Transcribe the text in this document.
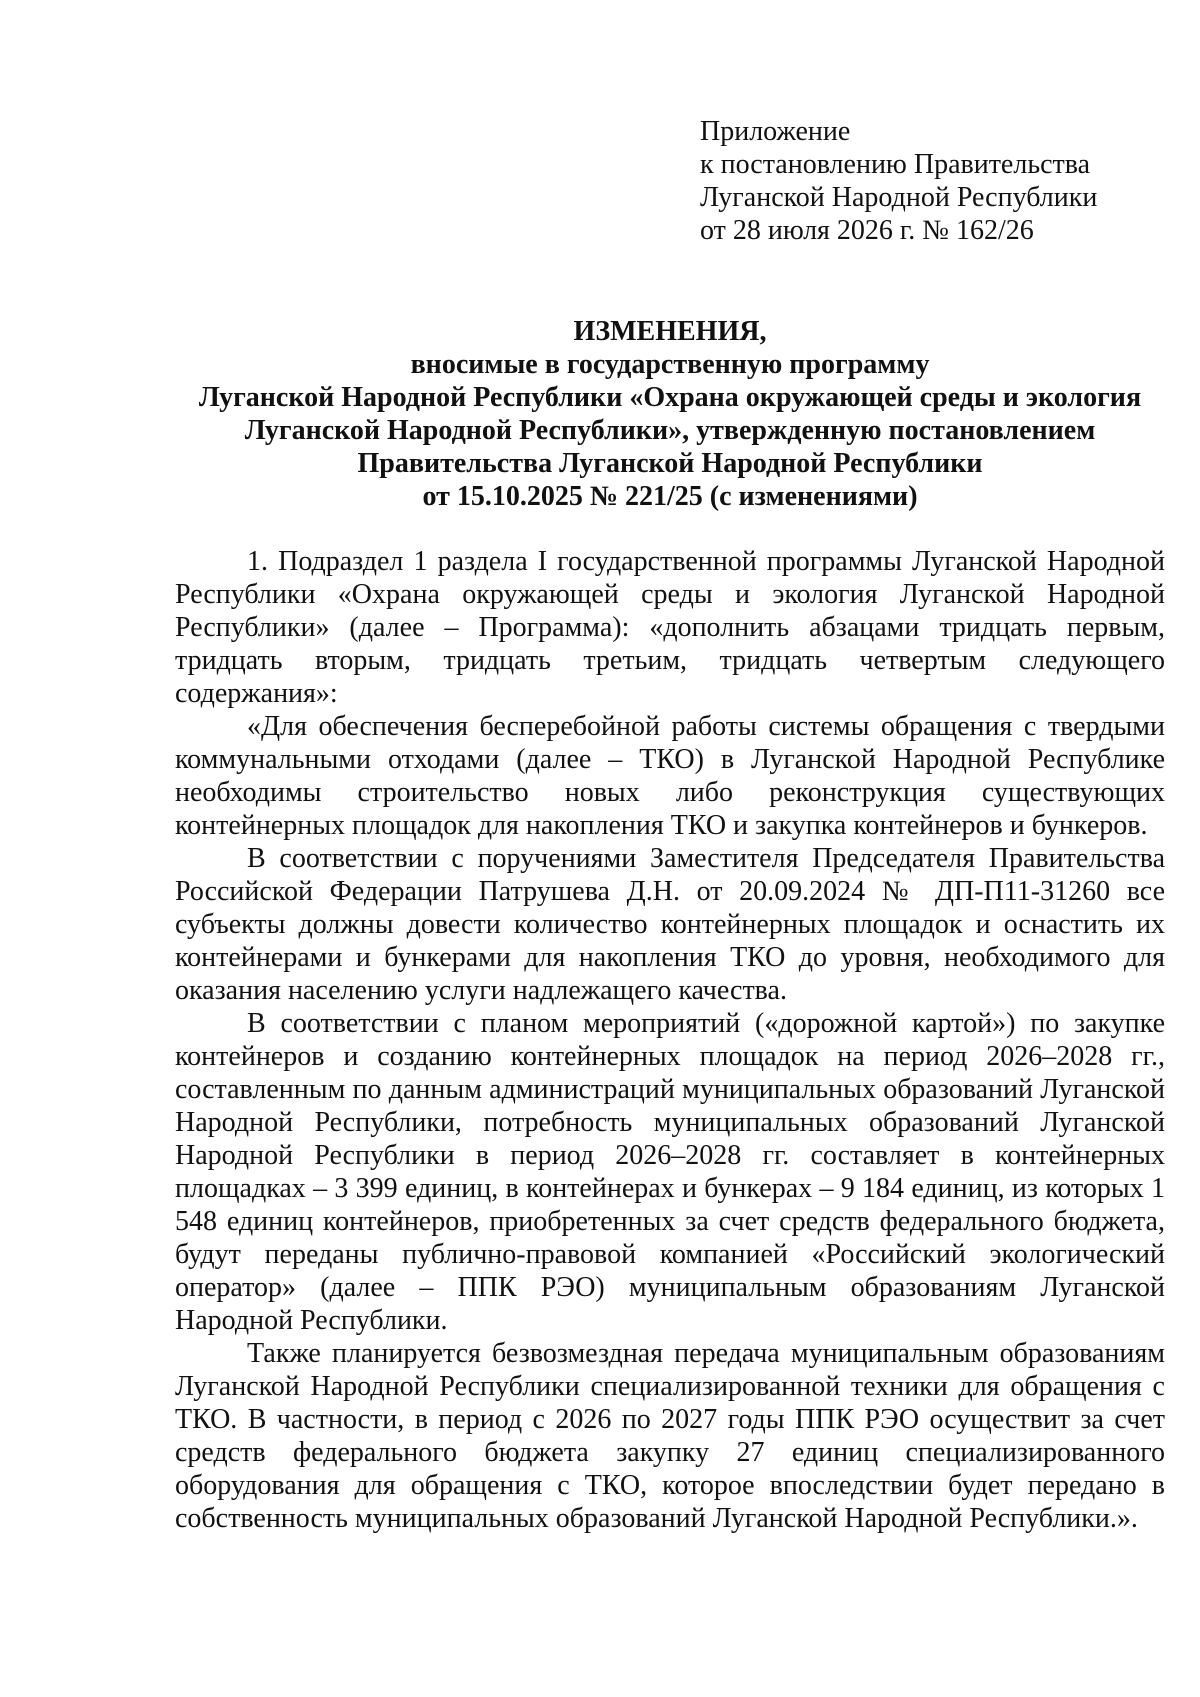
Приложение
к постановлению Правительства
Луганской Народной Республики
от 28 июля 2026 г. № 162/26
ИЗМЕНЕНИЯ,
вносимые в государственную программу
Луганской Народной Республики «Охрана окружающей среды и экология
Луганской Народной Республики», утвержденную постановлением
Правительства Луганской Народной Республики
от 15.10.2025 № 221/25 (с изменениями)

1. Подраздел 1 раздела I государственной программы Луганской Народной Республики «Охрана окружающей среды и экология Луганской Народной Республики» (далее – Программа): «дополнить абзацами тридцать первым, тридцать вторым, тридцать третьим, тридцать четвертым следующего содержания»:

«Для обеспечения бесперебойной работы системы обращения с твердыми коммунальными отходами (далее – ТКО) в Луганской Народной Республике необходимы строительство новых либо реконструкция существующих контейнерных площадок для накопления ТКО и закупка контейнеров и бункеров.

В соответствии с поручениями Заместителя Председателя Правительства Российской Федерации Патрушева Д.Н. от 20.09.2024 № ДП-П11-31260 все субъекты должны довести количество контейнерных площадок и оснастить их контейнерами и бункерами для накопления ТКО до уровня, необходимого для оказания населению услуги надлежащего качества.

В соответствии с планом мероприятий («дорожной картой») по закупке контейнеров и созданию контейнерных площадок на период 2026–2028 гг., составленным по данным администраций муниципальных образований Луганской Народной Республики, потребность муниципальных образований Луганской Народной Республики в период 2026–2028 гг. составляет в контейнерных площадках – 3 399 единиц, в контейнерах и бункерах – 9 184 единиц, из которых 1 548 единиц контейнеров, приобретенных за счет средств федерального бюджета, будут переданы публично-правовой компанией «Российский экологический оператор» (далее – ППК РЭО) муниципальным образованиям Луганской Народной Республики.

Также планируется безвозмездная передача муниципальным образованиям Луганской Народной Республики специализированной техники для обращения с ТКО. В частности, в период с 2026 по 2027 годы ППК РЭО осуществит за счет средств федерального бюджета закупку 27 единиц специализированного оборудования для обращения с ТКО, которое впоследствии будет передано в собственность муниципальных образований Луганской Народной Республики.».
